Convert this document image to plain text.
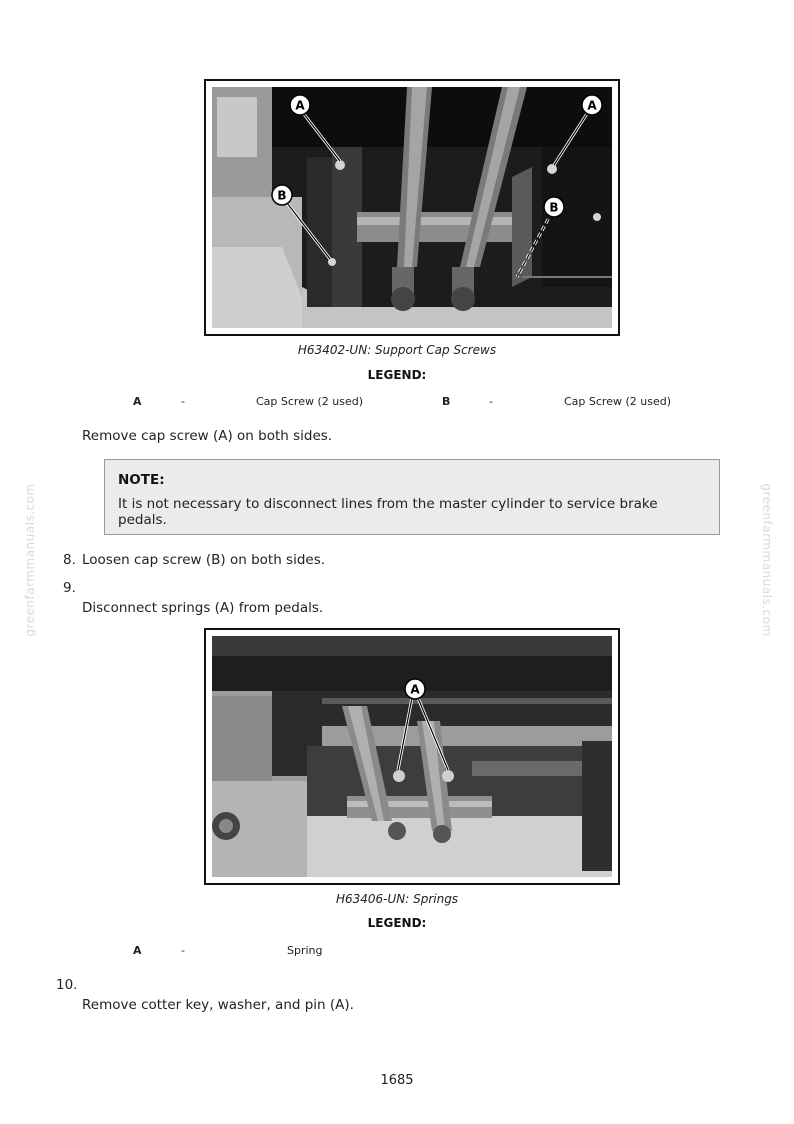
greenfarmmanuals.com	greenfarmmanuals.com
A	A
B
B
H63402-UN: Support Cap Screws
LEGEND:
A	-	Cap Screw (2 used)	B	-	Cap Screw (2 used)
Remove cap screw (A) on both sides.
NOTE:
It is not necessary to disconnect lines from the master cylinder to service brake pedals.
8. Loosen cap screw (B) on both sides.
9.
Disconnect springs (A) from pedals.
A
H63406-UN: Springs
LEGEND:
A	-	Spring
10.
Remove cotter key, washer, and pin (A).
1685
